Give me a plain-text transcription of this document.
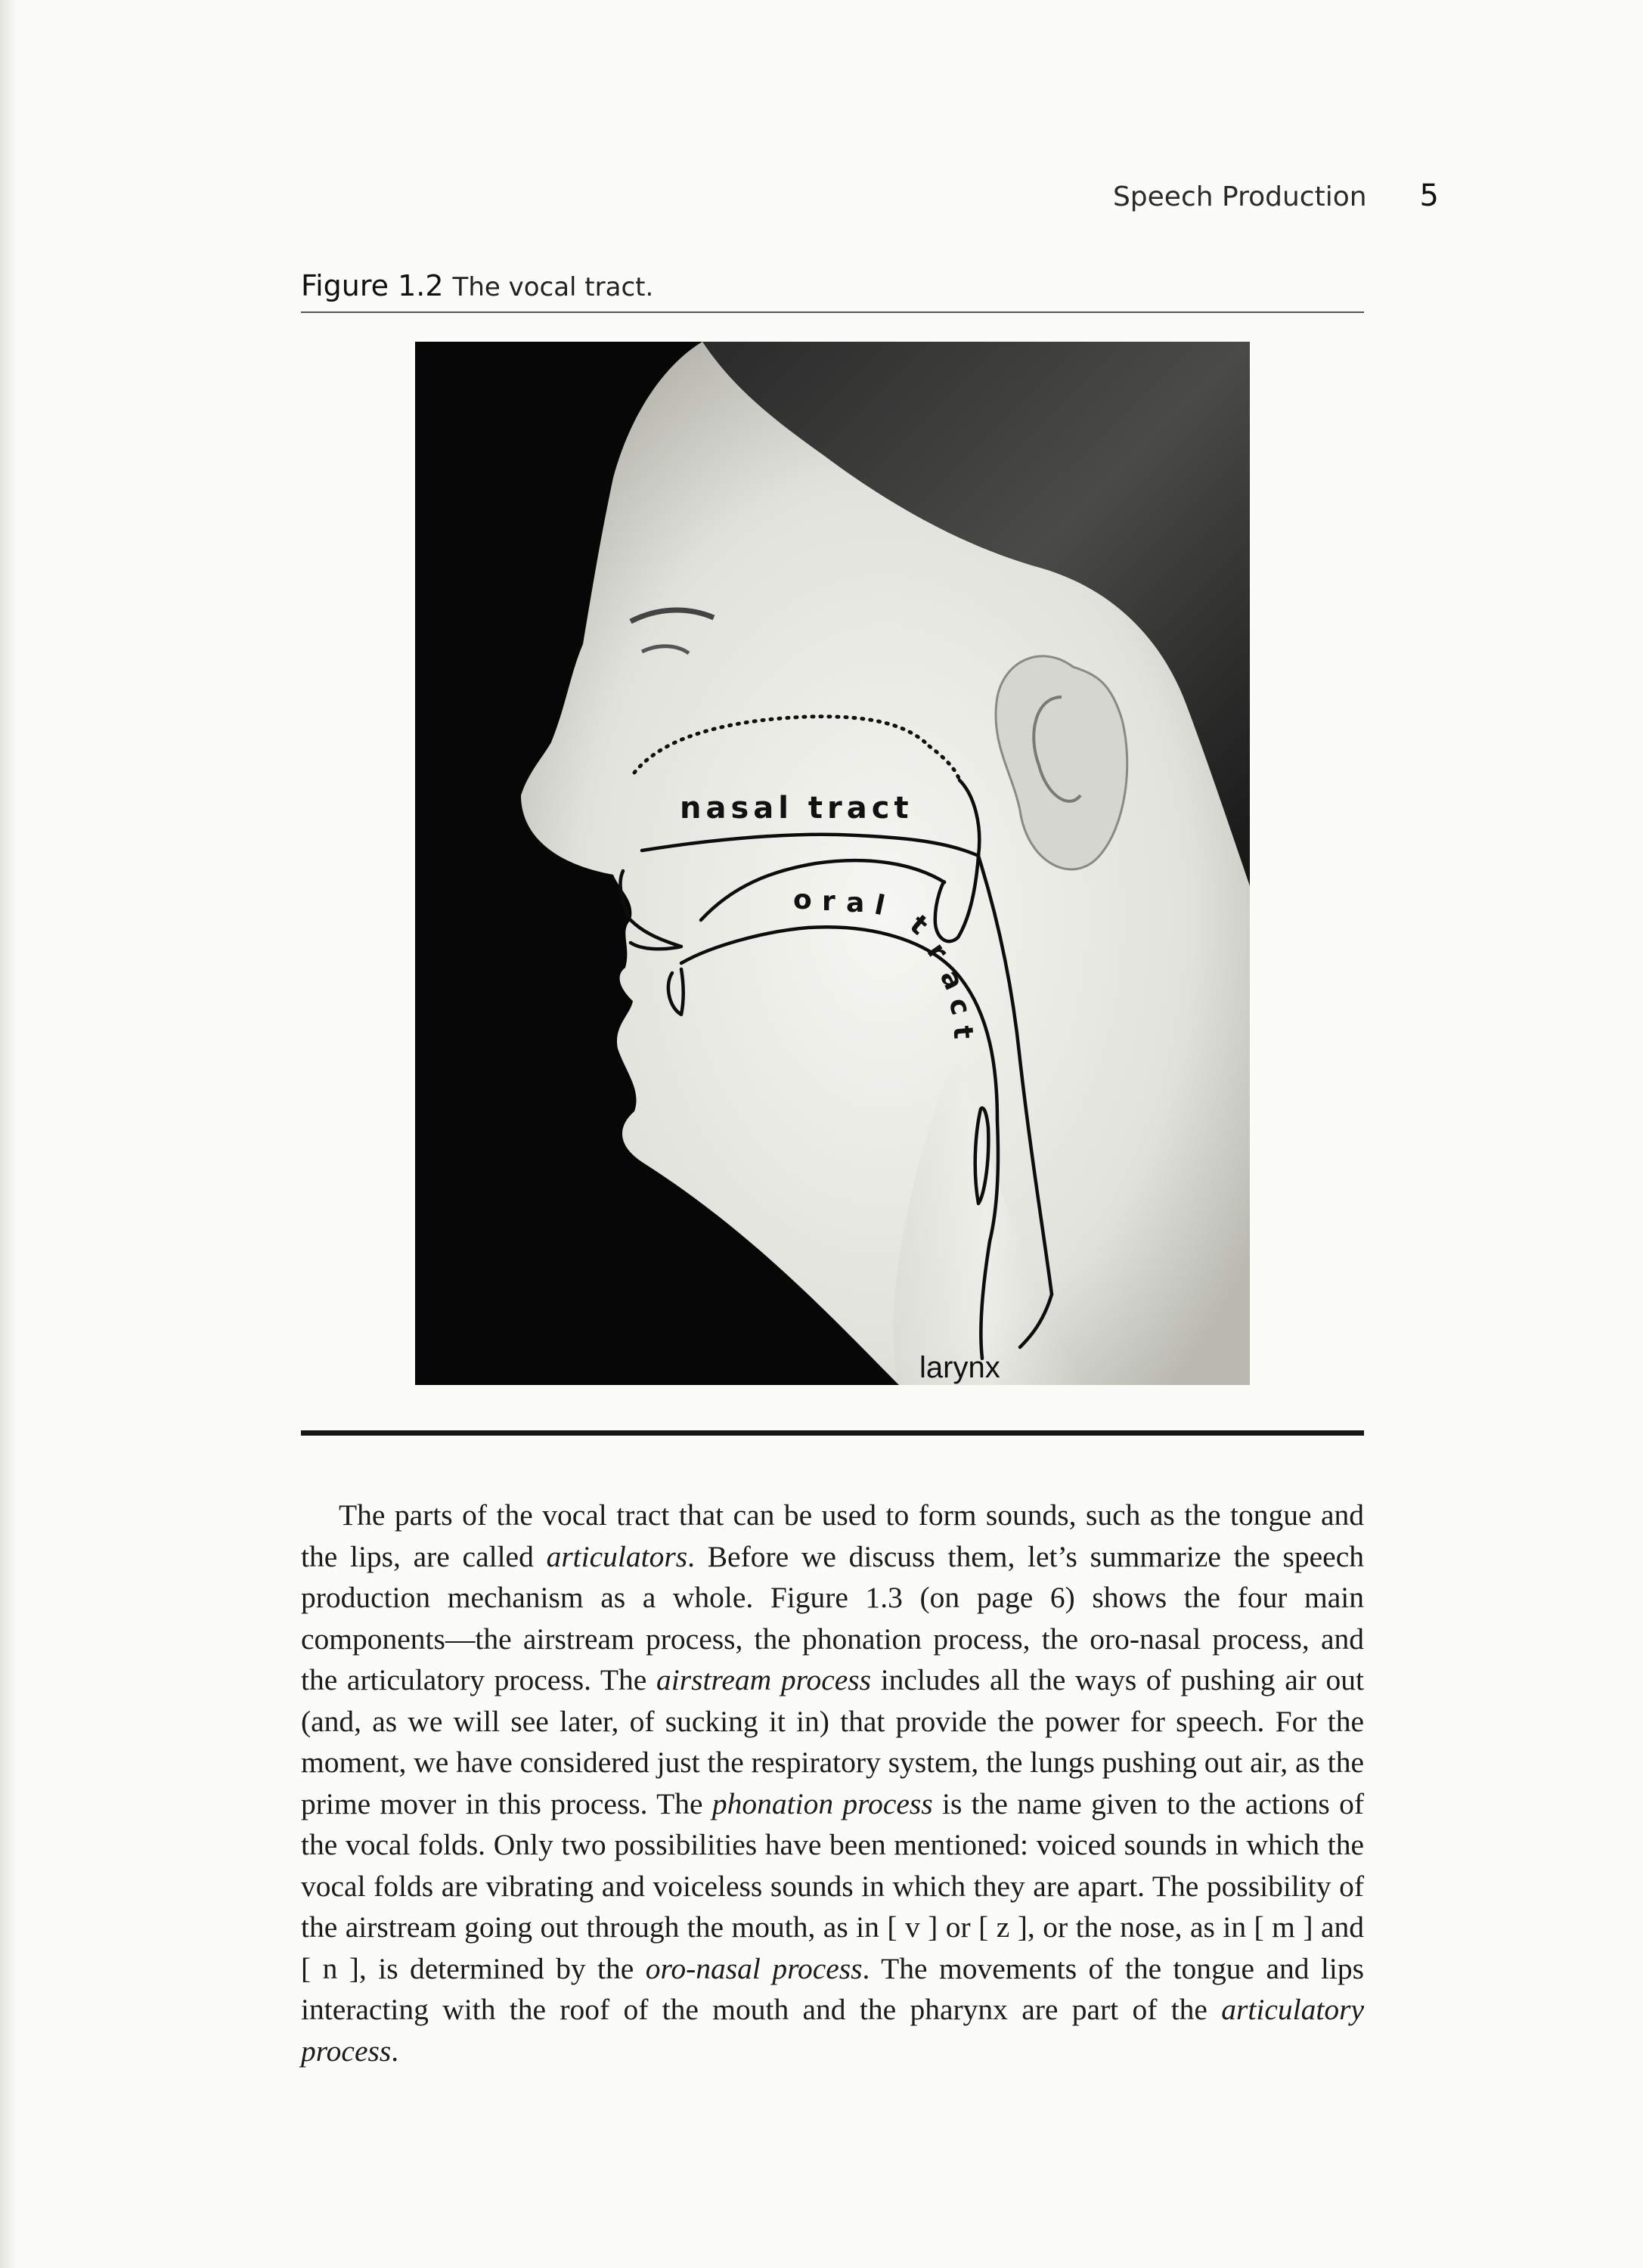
Speech Production 5
Figure 1.2 The vocal tract.
nasal tract
o r a l
t
r
a
c
t
larynx

The parts of the vocal tract that can be used to form sounds, such as the tongue and the lips, are called articulators. Before we discuss them, let’s summarize the speech production mechanism as a whole. Figure 1.3 (on page 6) shows the four main components—the airstream process, the phonation process, the oro-nasal process, and the articulatory process. The airstream process includes all the ways of pushing air out (and, as we will see later, of sucking it in) that provide the power for speech. For the moment, we have considered just the respiratory system, the lungs pushing out air, as the prime mover in this process. The phonation process is the name given to the actions of the vocal folds. Only two possibilities have been mentioned: voiced sounds in which the vocal folds are vibrating and voiceless sounds in which they are apart. The possibility of the airstream going out through the mouth, as in [ v ] or [ z ], or the nose, as in [ m ] and [ n ], is determined by the oro-nasal process. The movements of the tongue and lips interacting with the roof of the mouth and the pharynx are part of the articulatory process.
